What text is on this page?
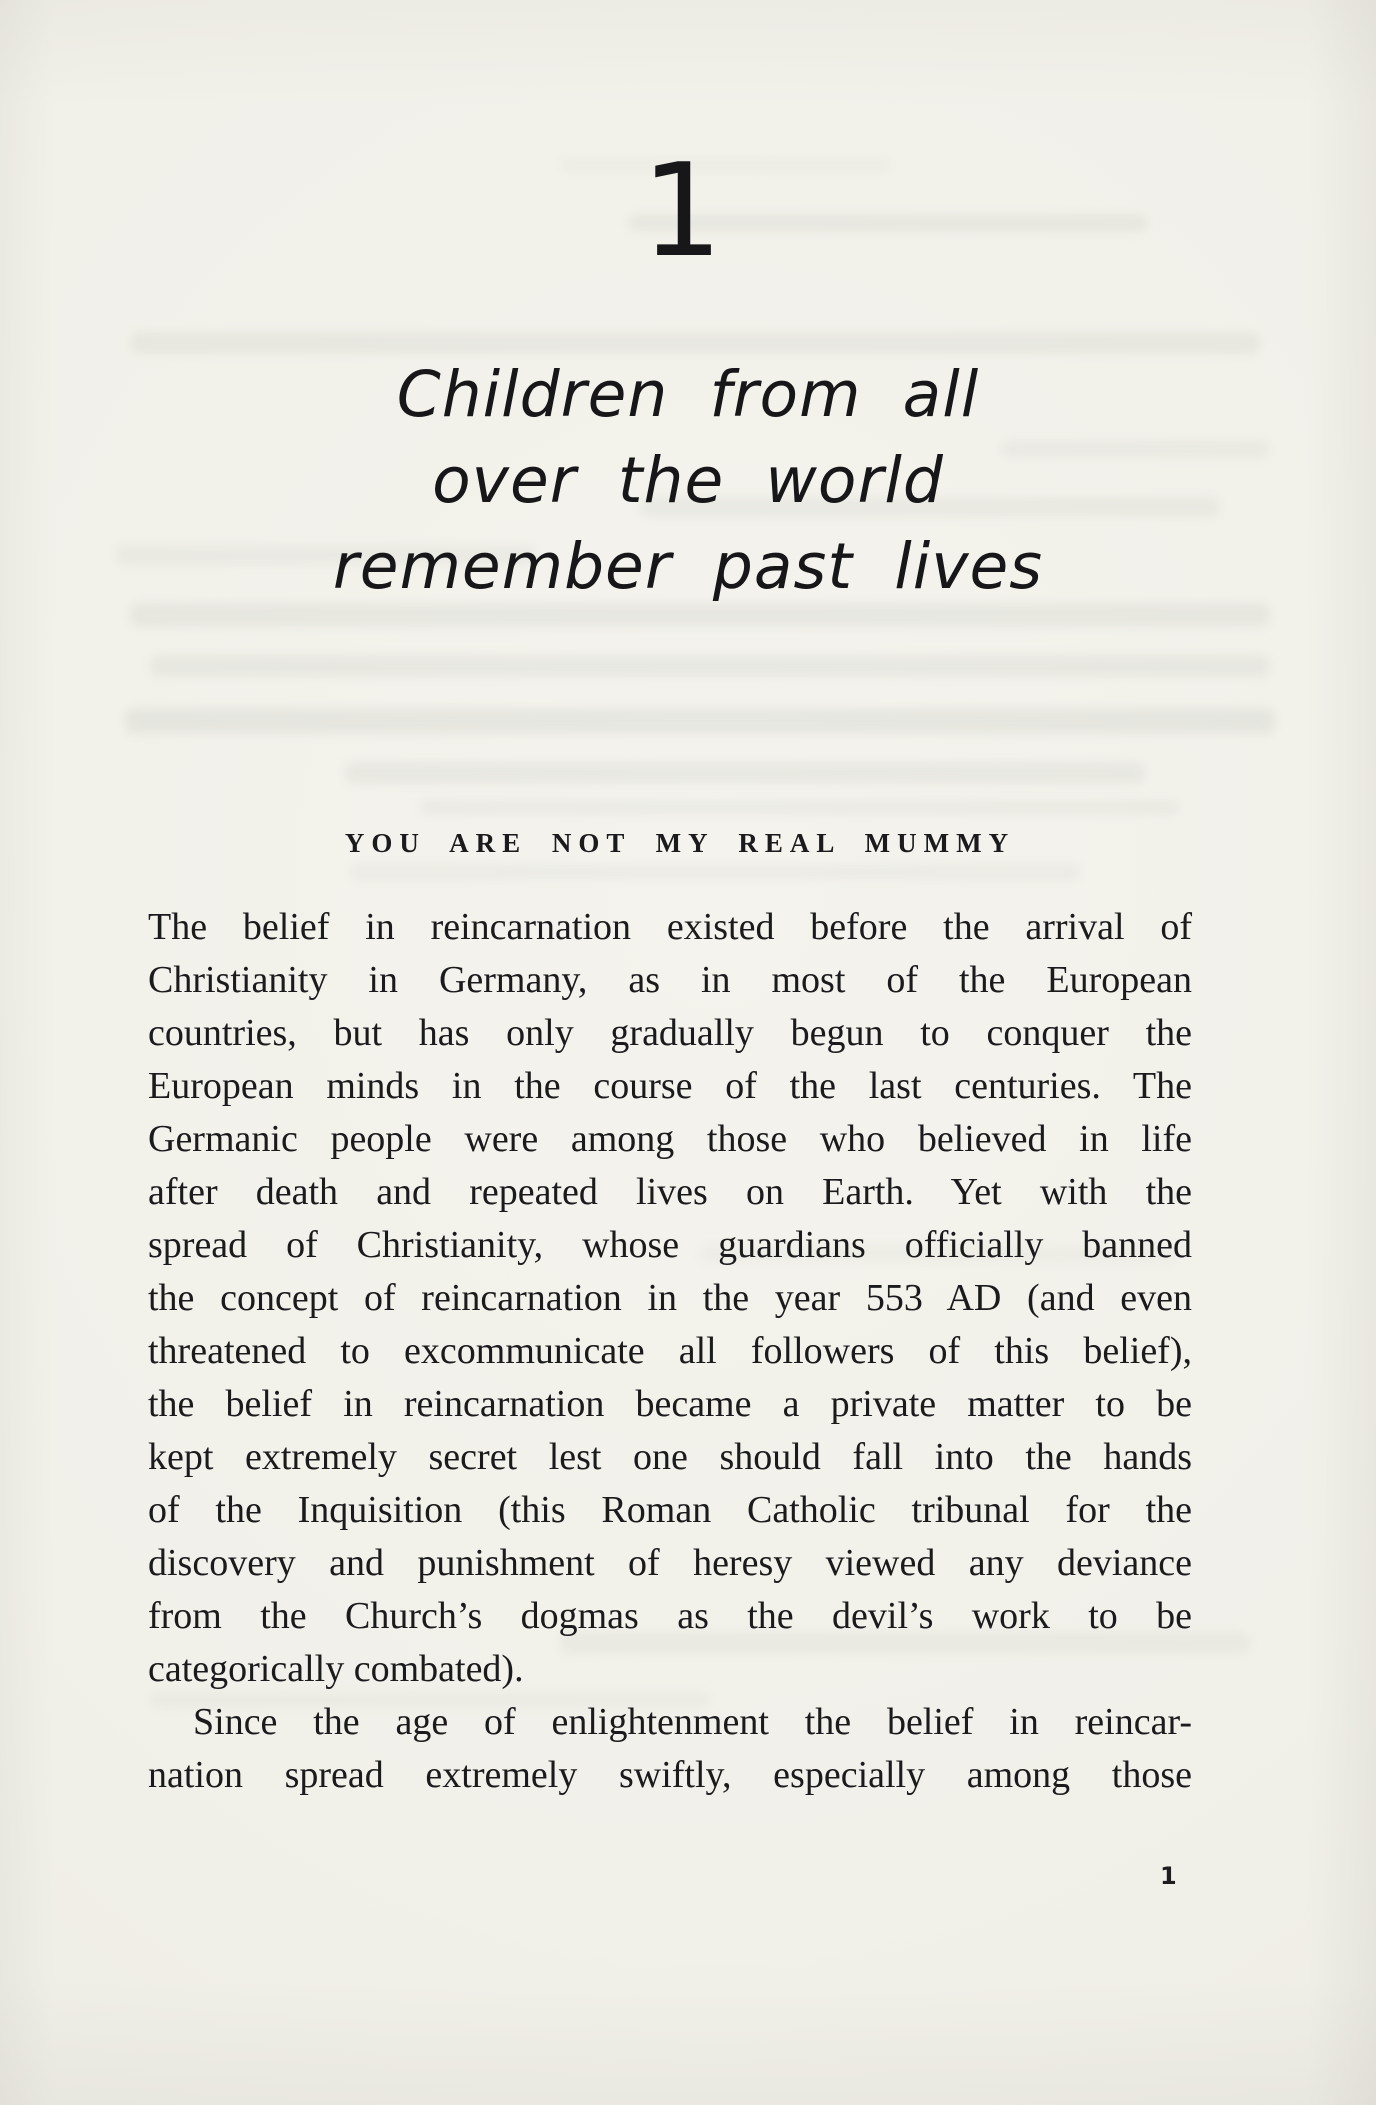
1
Children from all
over the world
remember past lives
YOU ARE NOT MY REAL MUMMY
The belief in reincarnation existed before the arrival of
Christianity in Germany, as in most of the European
countries, but has only gradually begun to conquer the
European minds in the course of the last centuries. The
Germanic people were among those who believed in life
after death and repeated lives on Earth. Yet with the
spread of Christianity, whose guardians officially banned
the concept of reincarnation in the year 553 AD (and even
threatened to excommunicate all followers of this belief),
the belief in reincarnation became a private matter to be
kept extremely secret lest one should fall into the hands
of the Inquisition (this Roman Catholic tribunal for the
discovery and punishment of heresy viewed any deviance
from the Church’s dogmas as the devil’s work to be
categorically combated).
Since the age of enlightenment the belief in reincar-
nation spread extremely swiftly, especially among those
1
